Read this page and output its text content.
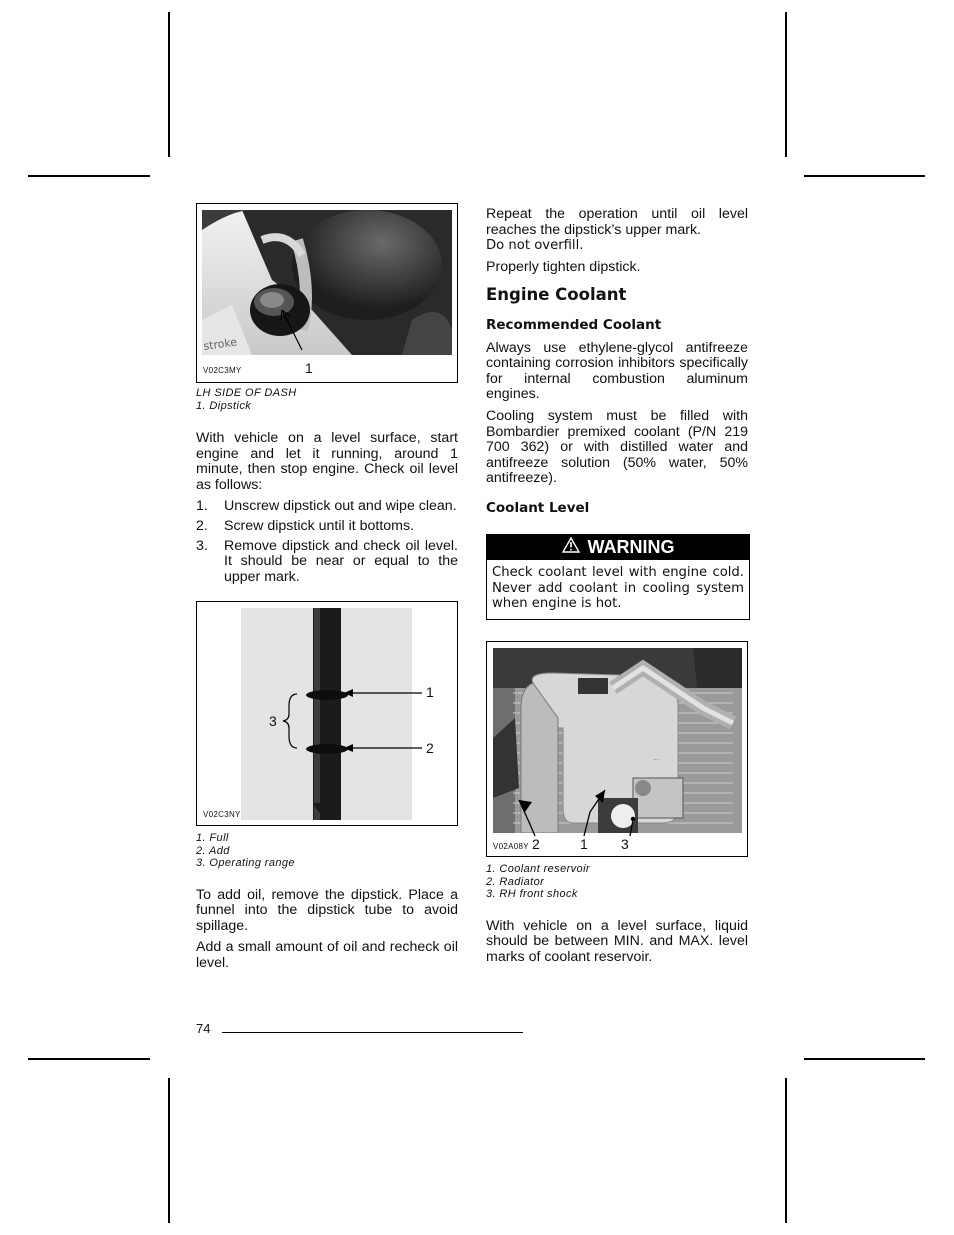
stroke
V02C3MY	1
LH SIDE OF DASH
1. Dipstick

With vehicle on a level surface, start engine and let it running, around 1 minute, then stop engine. Check oil level as follows:

1.	Unscrew dipstick out and wipe clean.
2.	Screw dipstick until it bottoms.
3.	Remove dipstick and check oil level. It should be near or equal to the upper mark.
1
2
3
V02C3NY
1. Full
2. Add
3. Operating range

To add oil, remove the dipstick. Place a funnel into the dipstick tube to avoid spillage.

Add a small amount of oil and recheck oil level.

Repeat the operation until oil level reaches the dipstick’s upper mark.
Do not overfill.

Properly tighten dipstick.

Engine Coolant
Recommended Coolant

Always use ethylene-glycol antifreeze containing corrosion inhibitors specifically for internal combustion aluminum engines.

Cooling system must be filled with Bombardier premixed coolant (P/N 219 700 362) or with distilled water and antifreeze solution (50% water, 50% antifreeze).

Coolant Level
WARNING
Check coolant level with engine cold. Never add coolant in cooling system when engine is hot.
...
V02A08Y 2	1 3
1. Coolant reservoir
2. Radiator
3. RH front shock

With vehicle on a level surface, liquid should be between MIN. and MAX. level marks of coolant reservoir.

74
